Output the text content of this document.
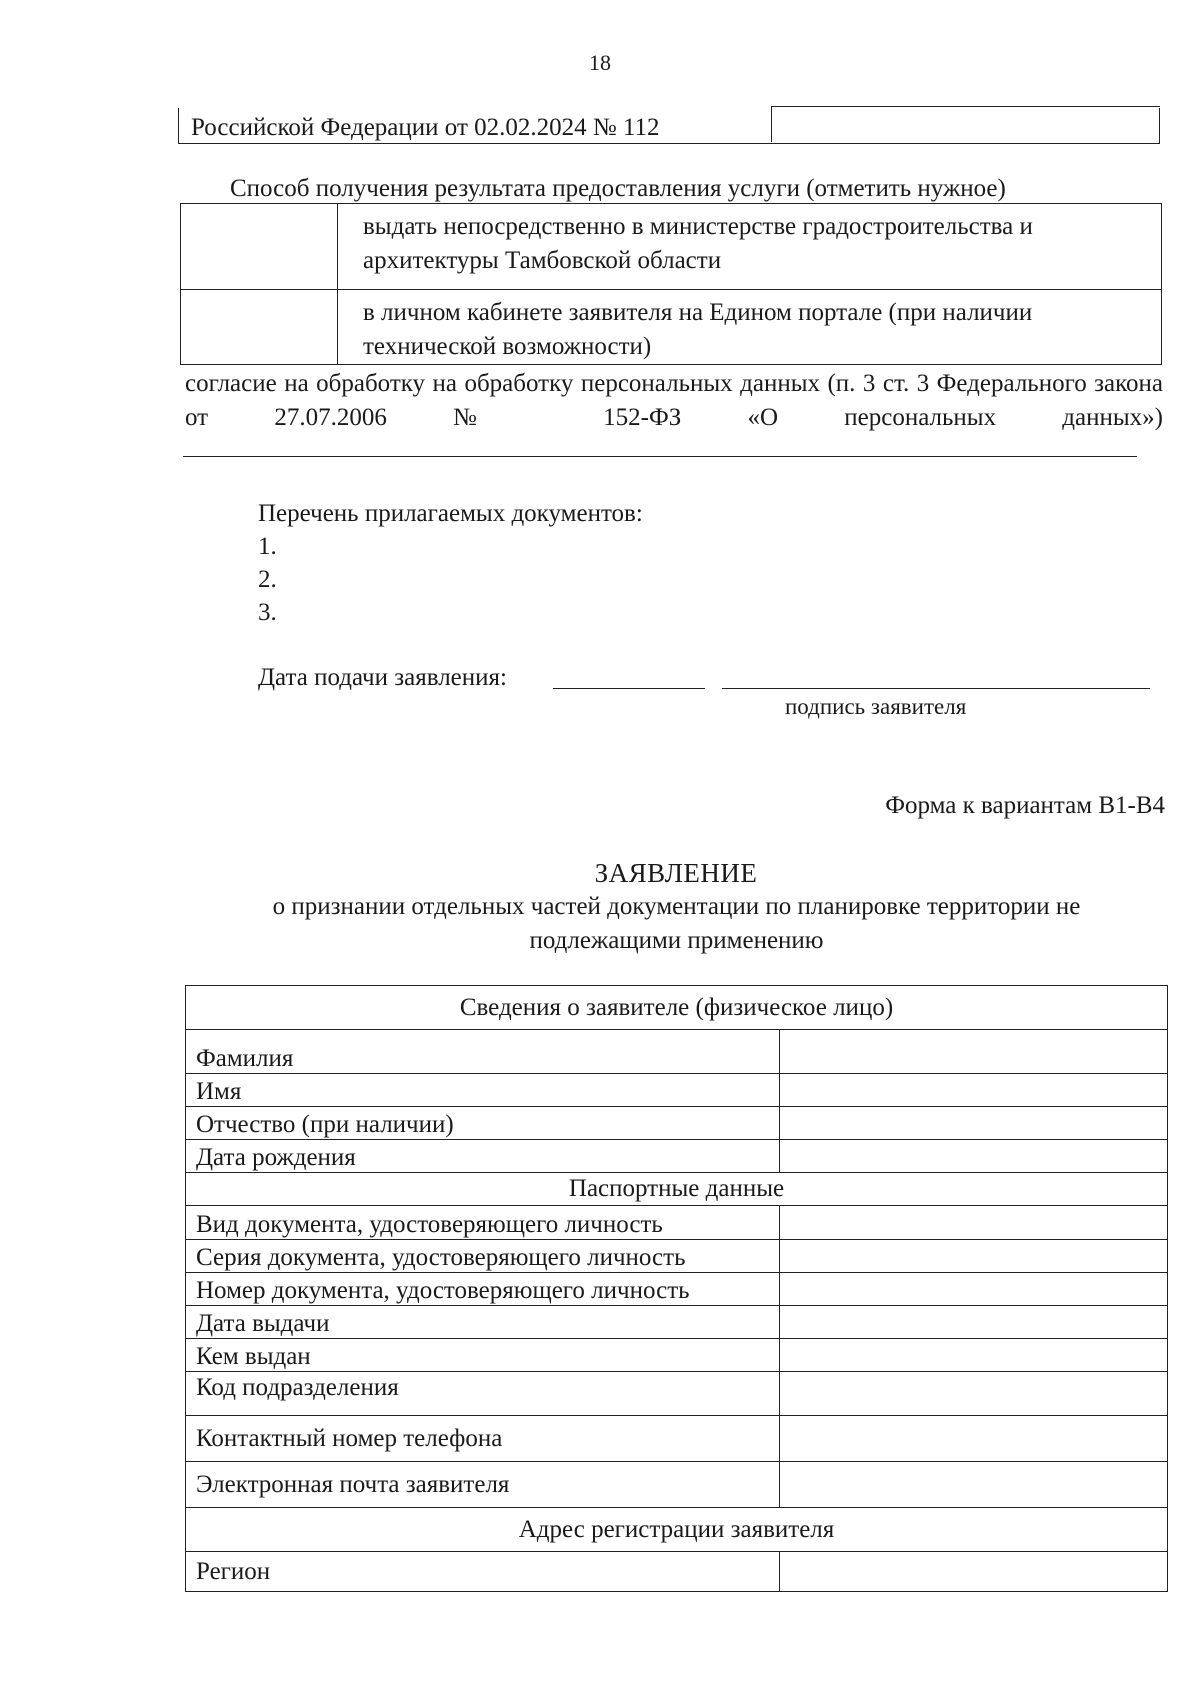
18
Российской Федерации от 02.02.2024 № 112
Способ получения результата предоставления услуги (отметить нужное)
выдать непосредственно в министерстве градостроительства и архитектуры Тамбовской области
в личном кабинете заявителя на Едином портале (при наличии технической возможности)
согласие на обработку на обработку персональных данных (п. 3 ст. 3 Федерального закона от 27.07.2006 № 152-ФЗ «О персональных данных»)
Перечень прилагаемых документов:
1.
2.
3.
Дата подачи заявления:
подпись заявителя
Форма к вариантам В1-В4
ЗАЯВЛЕНИЕ
о признании отдельных частей документации по планировке территории не подлежащими применению
Сведения о заявителе (физическое лицо)	
Фамилия	
Имя	
Отчество (при наличии)	
Дата рождения	
Паспортные данные	
Вид документа, удостоверяющего личность	
Серия документа, удостоверяющего личность	
Номер документа, удостоверяющего личность	
Дата выдачи	
Кем выдан	
Код подразделения	
Контактный номер телефона	
Электронная почта заявителя	
Адрес регистрации заявителя	
Регион	
